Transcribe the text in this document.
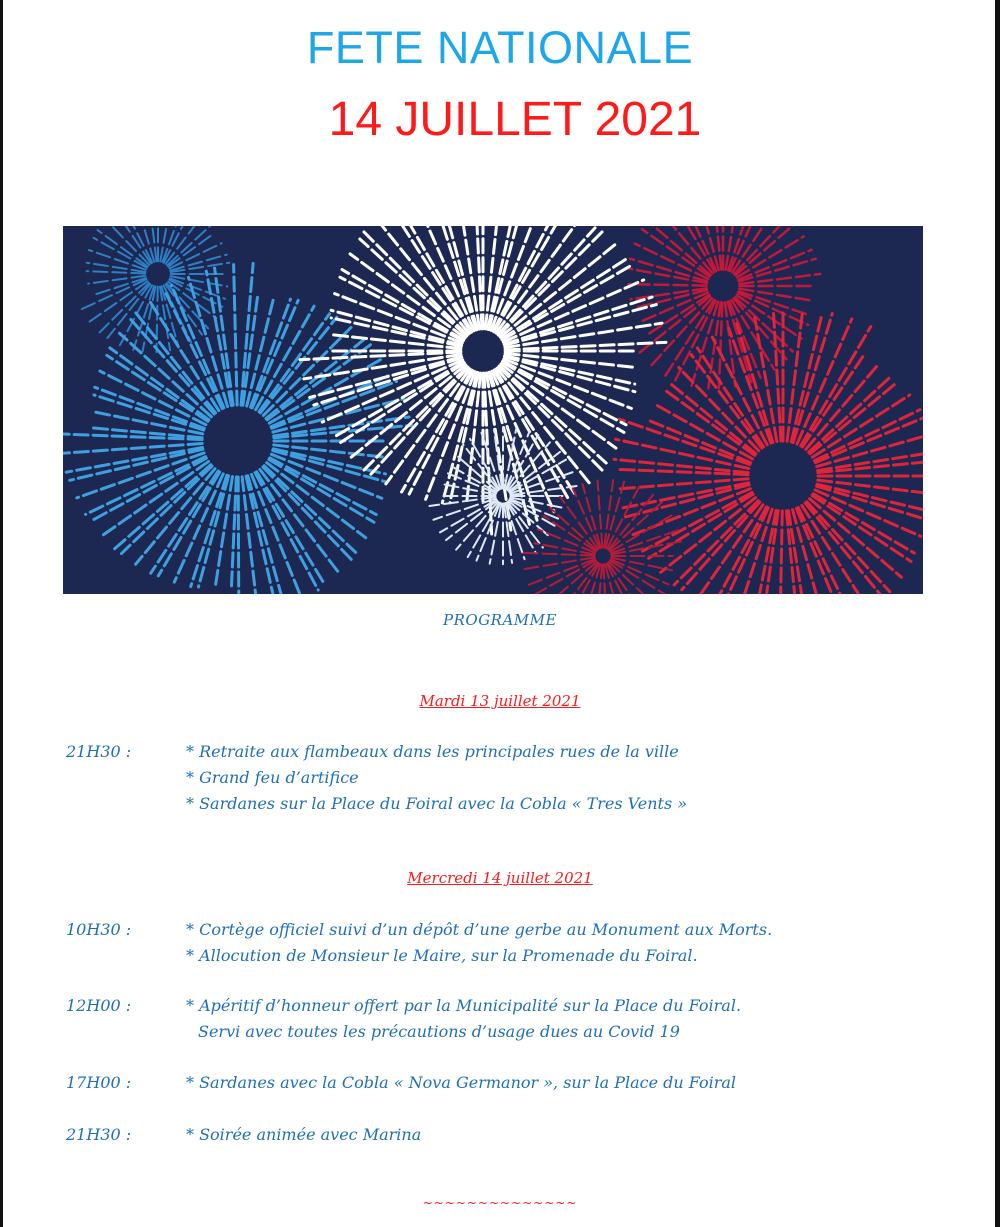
FETE NATIONALE
14 JUILLET 2021
PROGRAMME
Mardi 13 juillet 2021
21H30 :	* Retraite aux flambeaux dans les principales rues de la ville
* Grand feu d’artifice
* Sardanes sur la Place du Foiral avec la Cobla « Tres Vents »
Mercredi 14 juillet 2021
10H30 :	* Cortège officiel suivi d’un dépôt d’une gerbe au Monument aux Morts.
* Allocution de Monsieur le Maire, sur la Promenade du Foiral.
12H00 :	* Apéritif d’honneur offert par la Municipalité sur la Place du Foiral.
Servi avec toutes les précautions d’usage dues au Covid 19
17H00 :	* Sardanes avec la Cobla « Nova Germanor », sur la Place du Foiral
21H30 :	* Soirée animée avec Marina
~~~~~~~~~~~~~~
